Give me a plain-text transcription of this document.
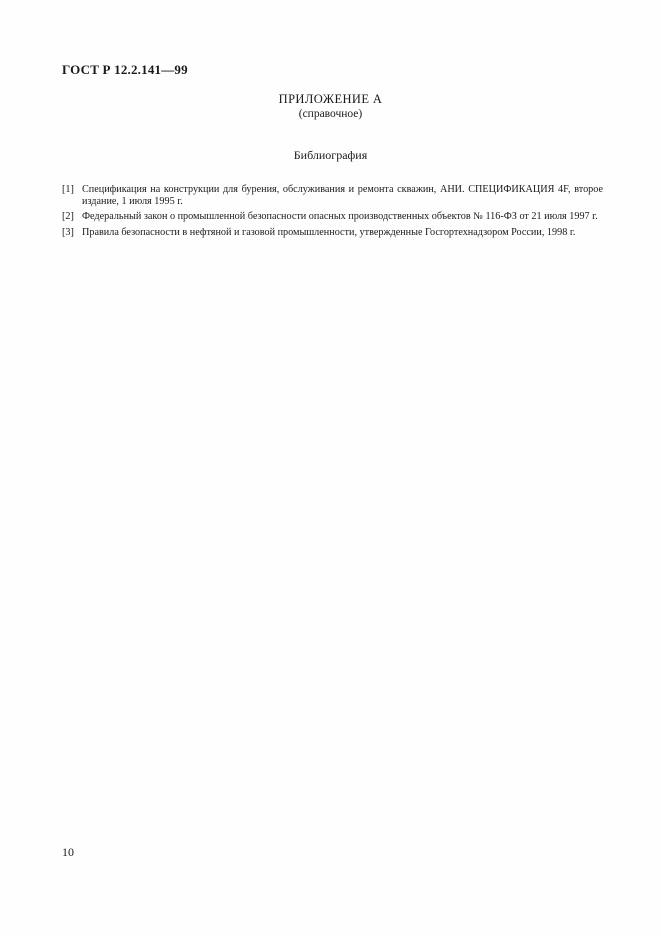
ГОСТ Р 12.2.141—99
ПРИЛОЖЕНИЕ А
(справочное)
Библиография
[1] Спецификация на конструкции для бурения, обслуживания и ремонта скважин, АНИ. СПЕЦИФИКАЦИЯ 4F, второе издание, 1 июля 1995 г.
[2] Федеральный закон о промышленной безопасности опасных производственных объектов № 116-ФЗ от 21 июля 1997 г.
[3] Правила безопасности в нефтяной и газовой промышленности, утвержденные Госгортехнадзором России, 1998 г.
10
